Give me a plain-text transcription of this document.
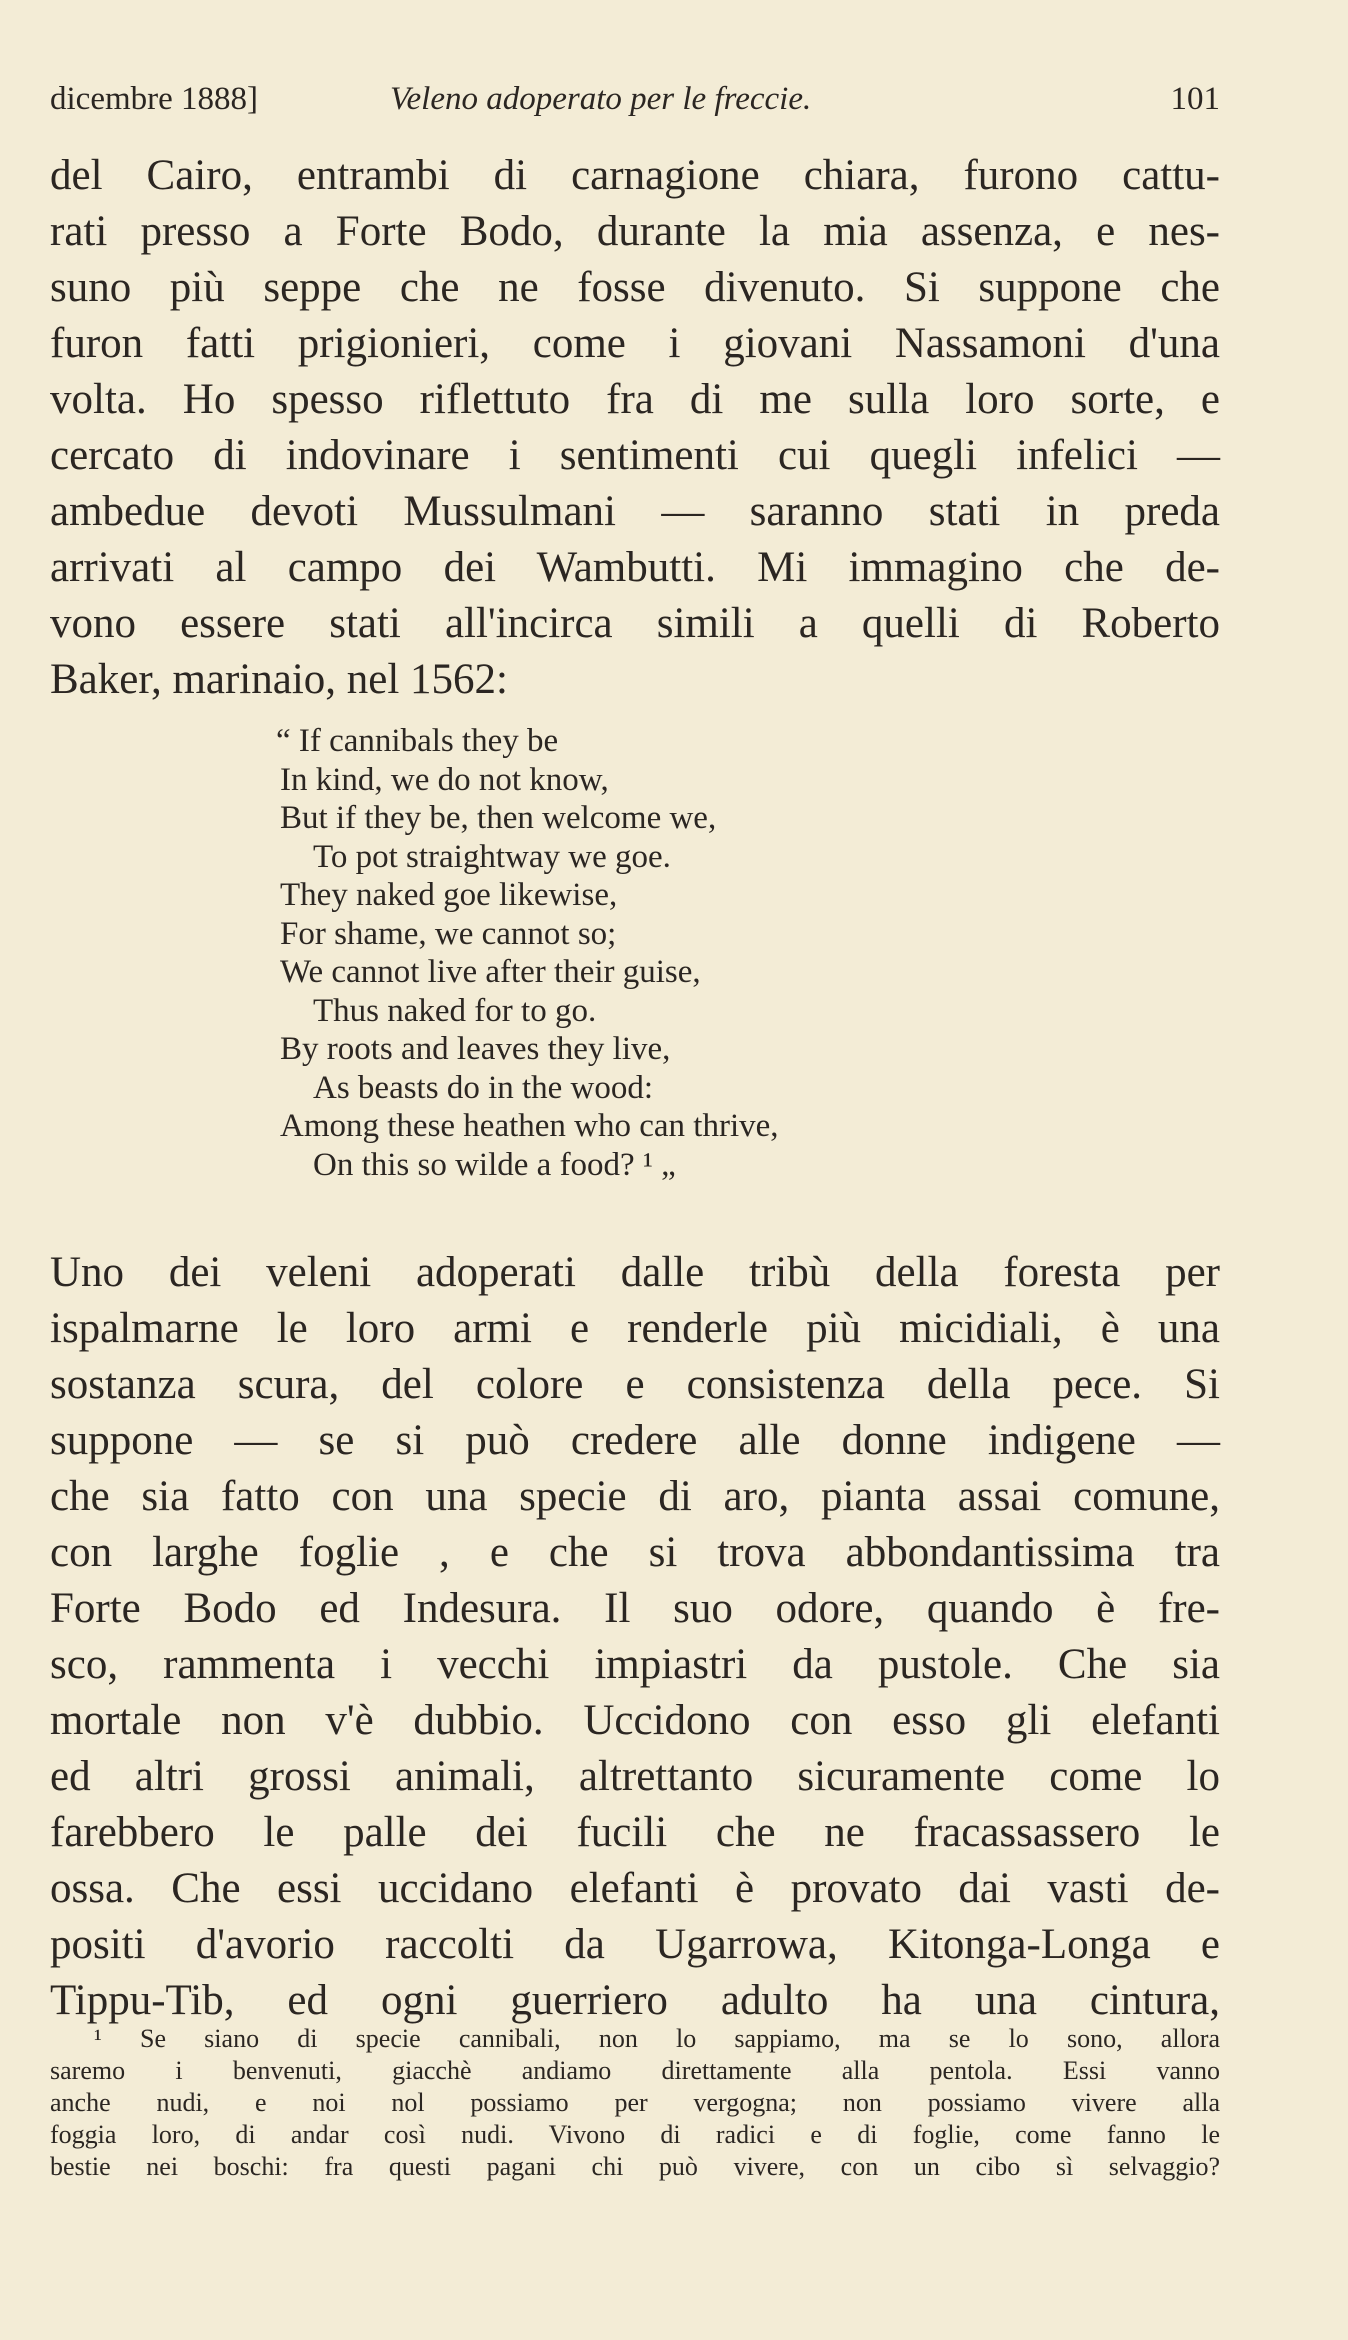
dicembre 1888]	Veleno adoperato per le freccie.	101

del Cairo, entrambi di carnagione chiara, furono cattu-
rati presso a Forte Bodo, durante la mia assenza, e nes-
suno più seppe che ne fosse divenuto. Si suppone che
furon fatti prigionieri, come i giovani Nassamoni d'una
volta. Ho spesso riflettuto fra di me sulla loro sorte, e
cercato di indovinare i sentimenti cui quegli infelici —
ambedue devoti Mussulmani — saranno stati in preda
arrivati al campo dei Wambutti. Mi immagino che de-
vono essere stati all'incirca simili a quelli di Roberto
Baker, marinaio, nel 1562:

“ If cannibals they be
In kind, we do not know,
But if they be, then welcome we,
To pot straightway we goe.
They naked goe likewise,
For shame, we cannot so;
We cannot live after their guise,
Thus naked for to go.
By roots and leaves they live,
As beasts do in the wood:
Among these heathen who can thrive,
On this so wilde a food? ¹ „

Uno dei veleni adoperati dalle tribù della foresta per
ispalmarne le loro armi e renderle più micidiali, è una
sostanza scura, del colore e consistenza della pece. Si
suppone — se si può credere alle donne indigene —
che sia fatto con una specie di aro, pianta assai comune,
con larghe foglie , e che si trova abbondantissima tra
Forte Bodo ed Indesura. Il suo odore, quando è fre-
sco, rammenta i vecchi impiastri da pustole. Che sia
mortale non v'è dubbio. Uccidono con esso gli elefanti
ed altri grossi animali, altrettanto sicuramente come lo
farebbero le palle dei fucili che ne fracassassero le
ossa. Che essi uccidano elefanti è provato dai vasti de-
positi d'avorio raccolti da Ugarrowa, Kitonga-Longa e
Tippu-Tib, ed ogni guerriero adulto ha una cintura,

¹ Se siano di specie cannibali, non lo sappiamo, ma se lo sono, allora
saremo i benvenuti, giacchè andiamo direttamente alla pentola. Essi vanno
anche nudi, e noi nol possiamo per vergogna; non possiamo vivere alla
foggia loro, di andar così nudi. Vivono di radici e di foglie, come fanno le
bestie nei boschi: fra questi pagani chi può vivere, con un cibo sì selvaggio?
